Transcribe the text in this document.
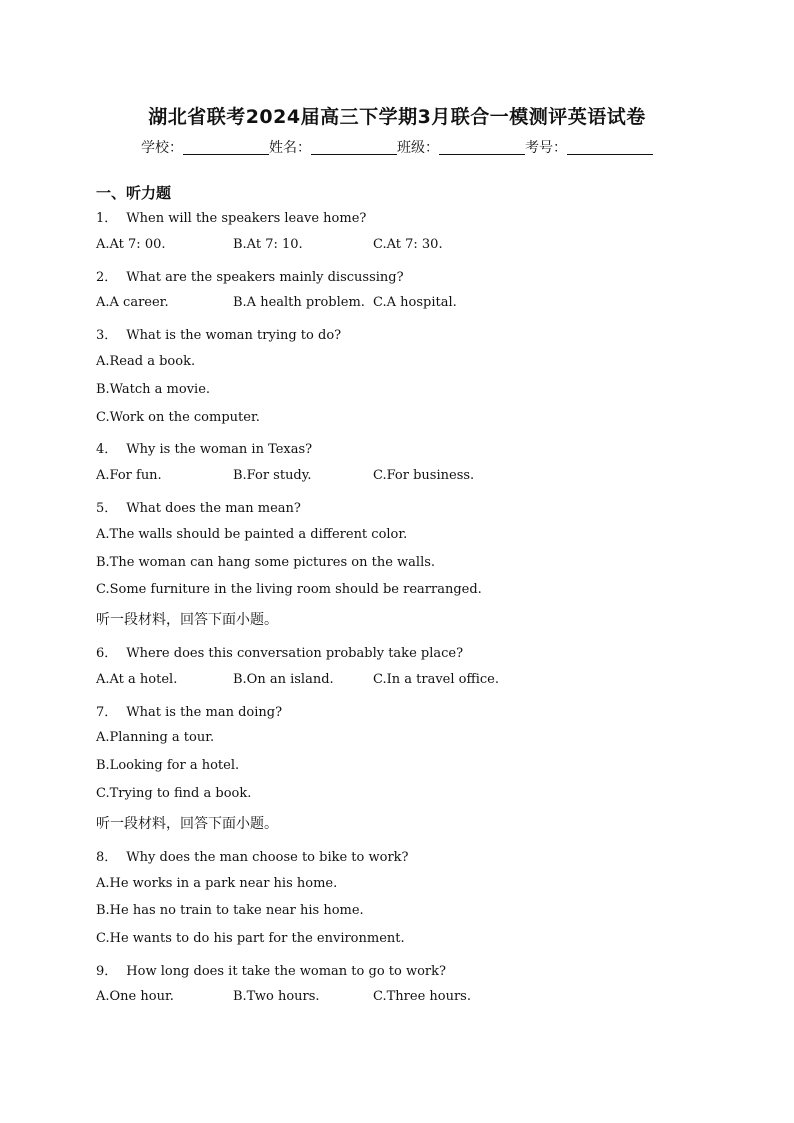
湖北省联考2024届高三下学期3月联合一模测评英语试卷
学校：	姓名：	班级：	考号：
一、听力题
1． When will the speakers leave home?
A.At 7: 00.	B.At 7: 10.	C.At 7: 30.
2． What are the speakers mainly discussing?
A.A career.	B.A health problem. C.A hospital.
3． What is the woman trying to do?
A.Read a book.
B.Watch a movie.
C.Work on the computer.
4． Why is the woman in Texas?
A.For fun.	B.For study.	C.For business.
5． What does the man mean?
A.The walls should be painted a different color.
B.The woman can hang some pictures on the walls.
C.Some furniture in the living room should be rearranged.
听一段材料，回答下面小题。
6． Where does this conversation probably take place?
A.At a hotel.	B.On an island.	C.In a travel office.
7． What is the man doing?
A.Planning a tour.
B.Looking for a hotel.
C.Trying to find a book.
听一段材料，回答下面小题。
8． Why does the man choose to bike to work?
A.He works in a park near his home.
B.He has no train to take near his home.
C.He wants to do his part for the environment.
9． How long does it take the woman to go to work?
A.One hour.	B.Two hours.	C.Three hours.
